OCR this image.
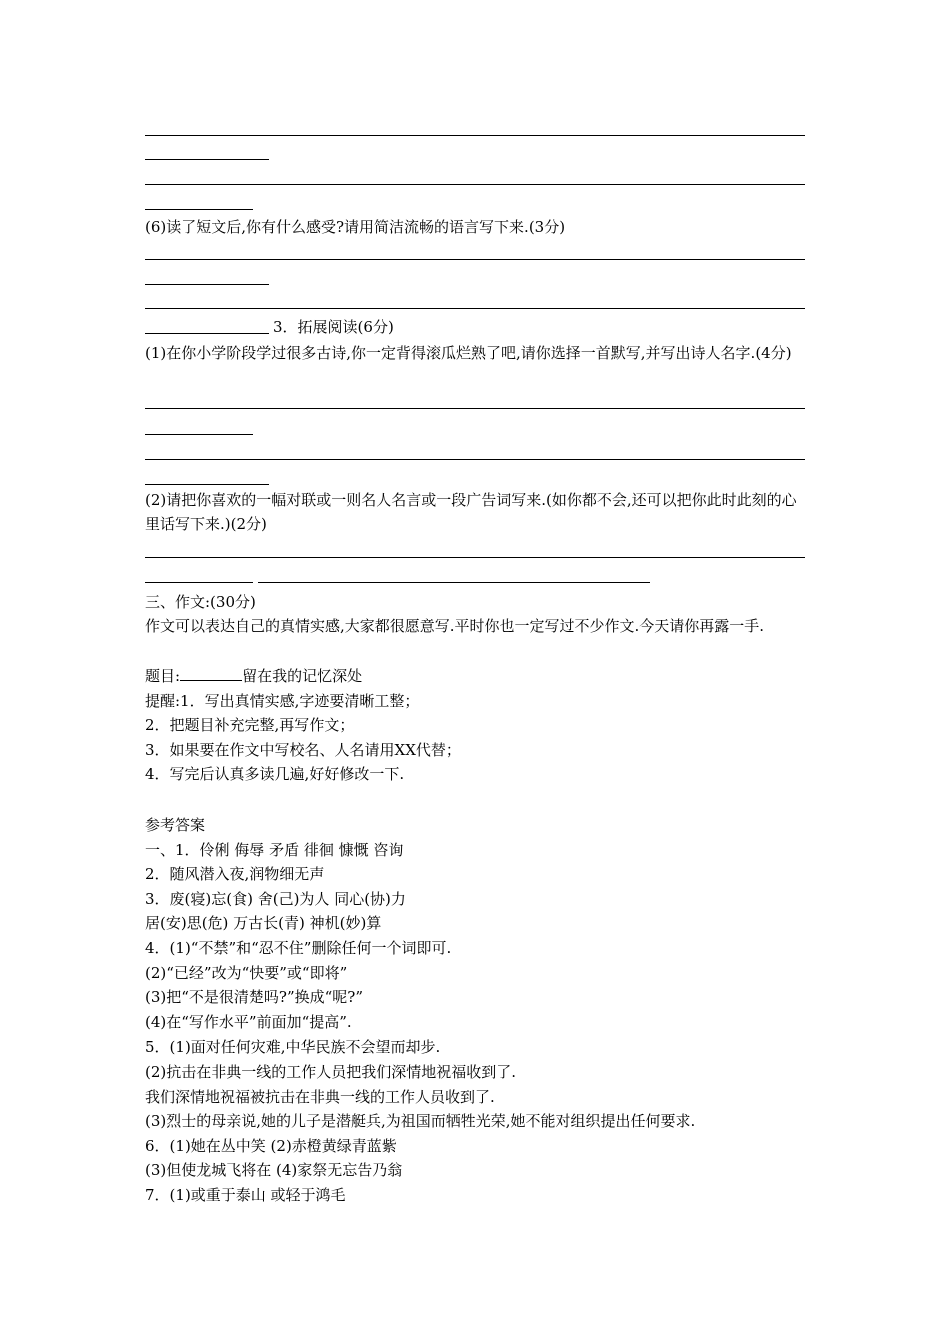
(6)读了短文后,你有什么感受?请用简洁流畅的语言写下来.(3分)
3．拓展阅读(6分)
(1)在你小学阶段学过很多古诗,你一定背得滚瓜烂熟了吧,请你选择一首默写,并写出诗人名字.(4分)
(2)请把你喜欢的一幅对联或一则名人名言或一段广告词写来.(如你都不会,还可以把你此时此刻的心里话写下来.)(2分)
三、作文:(30分)
作文可以表达自己的真情实感,大家都很愿意写.平时你也一定写过不少作文.今天请你再露一手.
题目:	留在我的记忆深处
提醒:1．写出真情实感,字迹要清晰工整；
2．把题目补充完整,再写作文；
3．如果要在作文中写校名、人名请用XX代替；
4．写完后认真多读几遍,好好修改一下.
参考答案
一、1．伶俐 侮辱 矛盾 徘徊 慷慨 咨询
2．随风潜入夜,润物细无声
3．废(寝)忘(食) 舍(己)为人 同心(协)力
居(安)思(危) 万古长(青) 神机(妙)算
4．(1)“不禁”和“忍不住”删除任何一个词即可.
(2)“已经”改为“快要”或“即将”
(3)把“不是很清楚吗?”换成“呢?”
(4)在“写作水平”前面加“提高”.
5．(1)面对任何灾难,中华民族不会望而却步.
(2)抗击在非典一线的工作人员把我们深情地祝福收到了.
我们深情地祝福被抗击在非典一线的工作人员收到了.
(3)烈士的母亲说,她的儿子是潜艇兵,为祖国而牺牲光荣,她不能对组织提出任何要求.
6．(1)她在丛中笑 (2)赤橙黄绿青蓝紫
(3)但使龙城飞将在 (4)家祭无忘告乃翁
7．(1)或重于泰山 或轻于鸿毛
